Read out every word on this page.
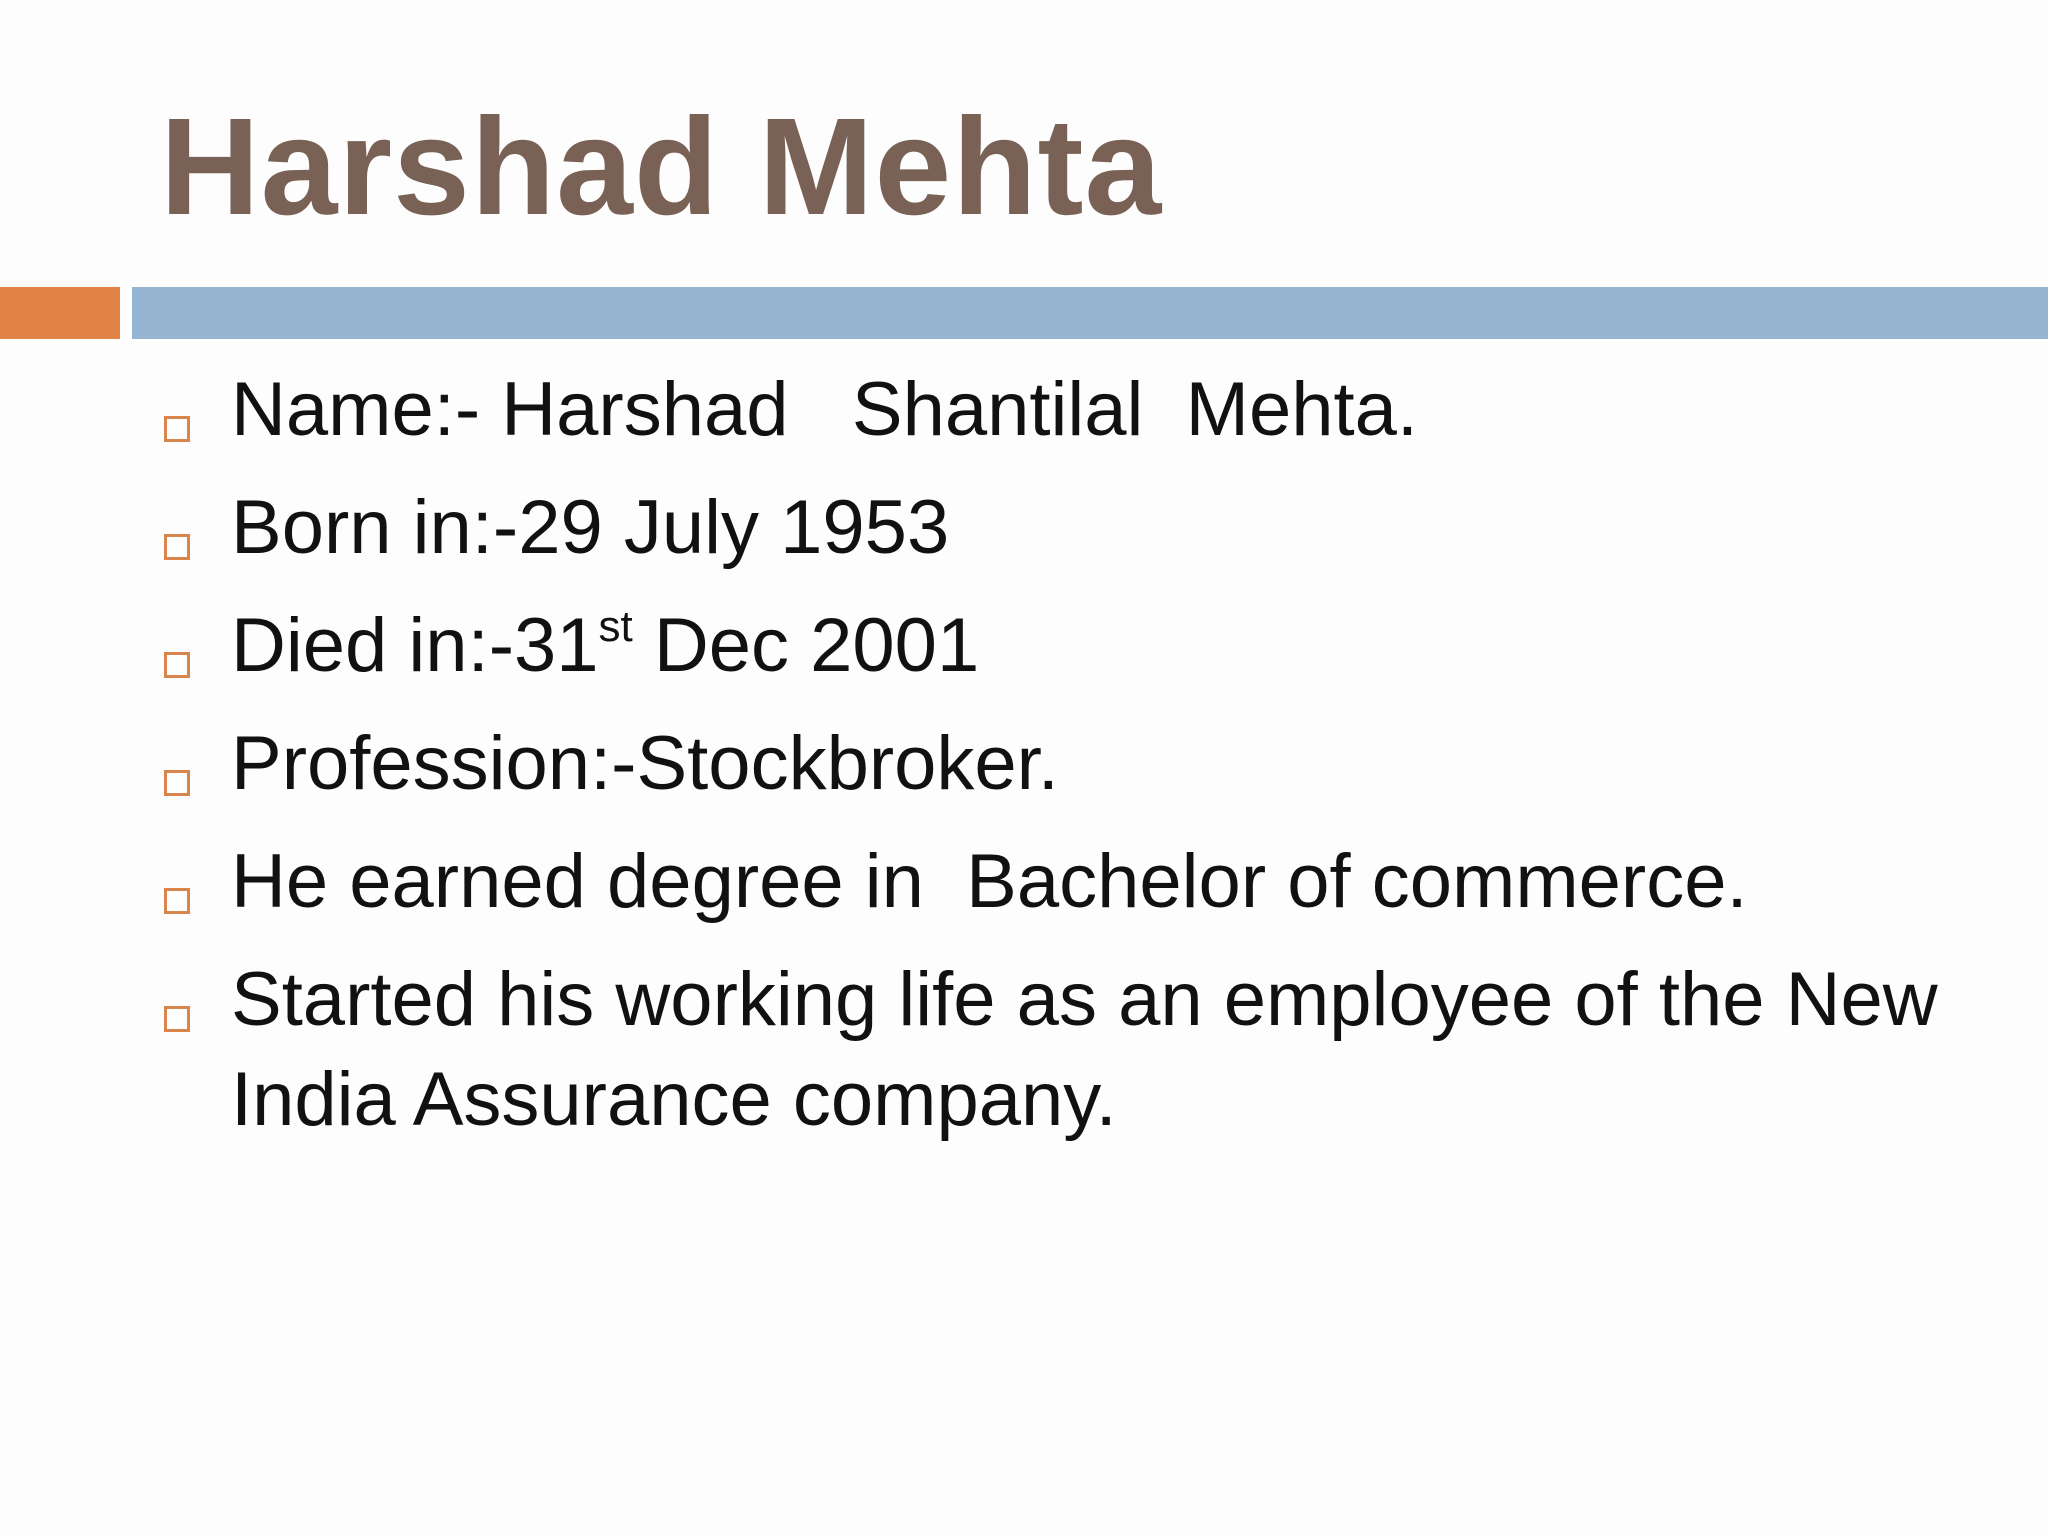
Harshad Mehta
Name:- Harshad   Shantilal  Mehta.
Born in:-29 July 1953
Died in:-31st Dec 2001
Profession:-Stockbroker.
He earned degree in  Bachelor of commerce.
Started his working life as an employee of the New India Assurance company.
